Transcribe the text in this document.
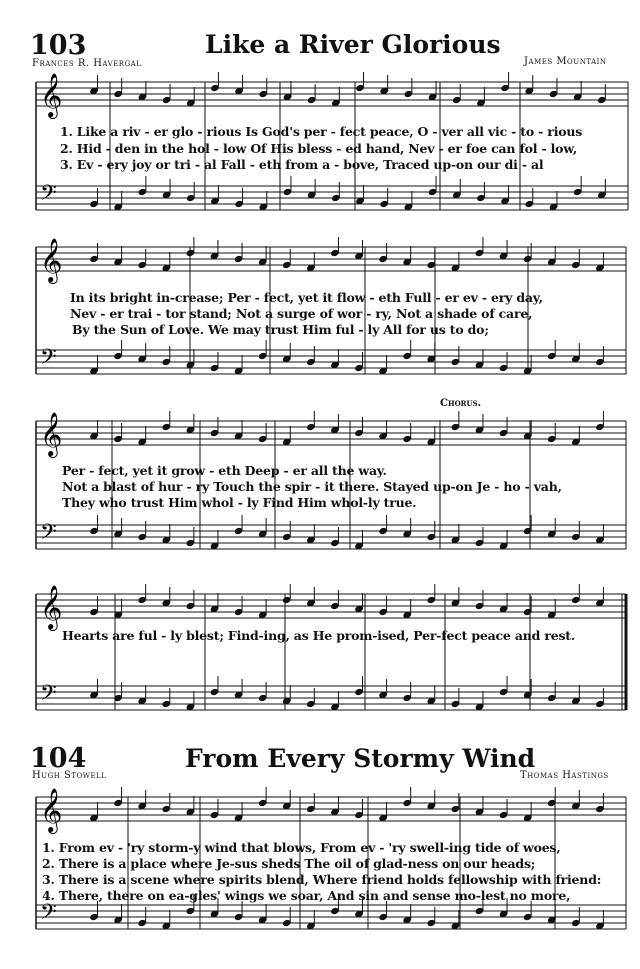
103	Like a River Glorious
Frances R. Havergal	James Mountain
𝄞
𝄢
𝄞
𝄢
𝄞
𝄢
𝄞
𝄢
𝄞
𝄢
1. Like a riv - er glo - rious Is God's per - fect peace, O - ver all vic - to - rious
2. Hid - den in the hol - low Of His bless - ed hand, Nev - er foe can fol - low,
3. Ev - ery joy or tri - al Fall - eth from a - bove, Traced up-on our di - al
In its bright in-crease; Per - fect, yet it flow - eth Full - er ev - ery day,
Nev - er trai - tor stand; Not a surge of wor - ry, Not a shade of care,
By the Sun of Love. We may trust Him ful - ly All for us to do;
Chorus.
Per - fect, yet it grow - eth Deep - er all the way.
Not a blast of hur - ry Touch the spir - it there. Stayed up-on Je - ho - vah,
They who trust Him whol - ly Find Him whol-ly true.
Hearts are ful - ly blest; Find-ing, as He prom-ised, Per-fect peace and rest.
104	From Every Stormy Wind
Hugh Stowell	Thomas Hastings
1. From ev - 'ry storm-y wind that blows, From ev - 'ry swell-ing tide of woes,
2. There is a place where Je-sus sheds The oil of glad-ness on our heads;
3. There is a scene where spirits blend, Where friend holds fellowship with friend:
4. There, there on ea-gles' wings we soar, And sin and sense mo-lest no more,
